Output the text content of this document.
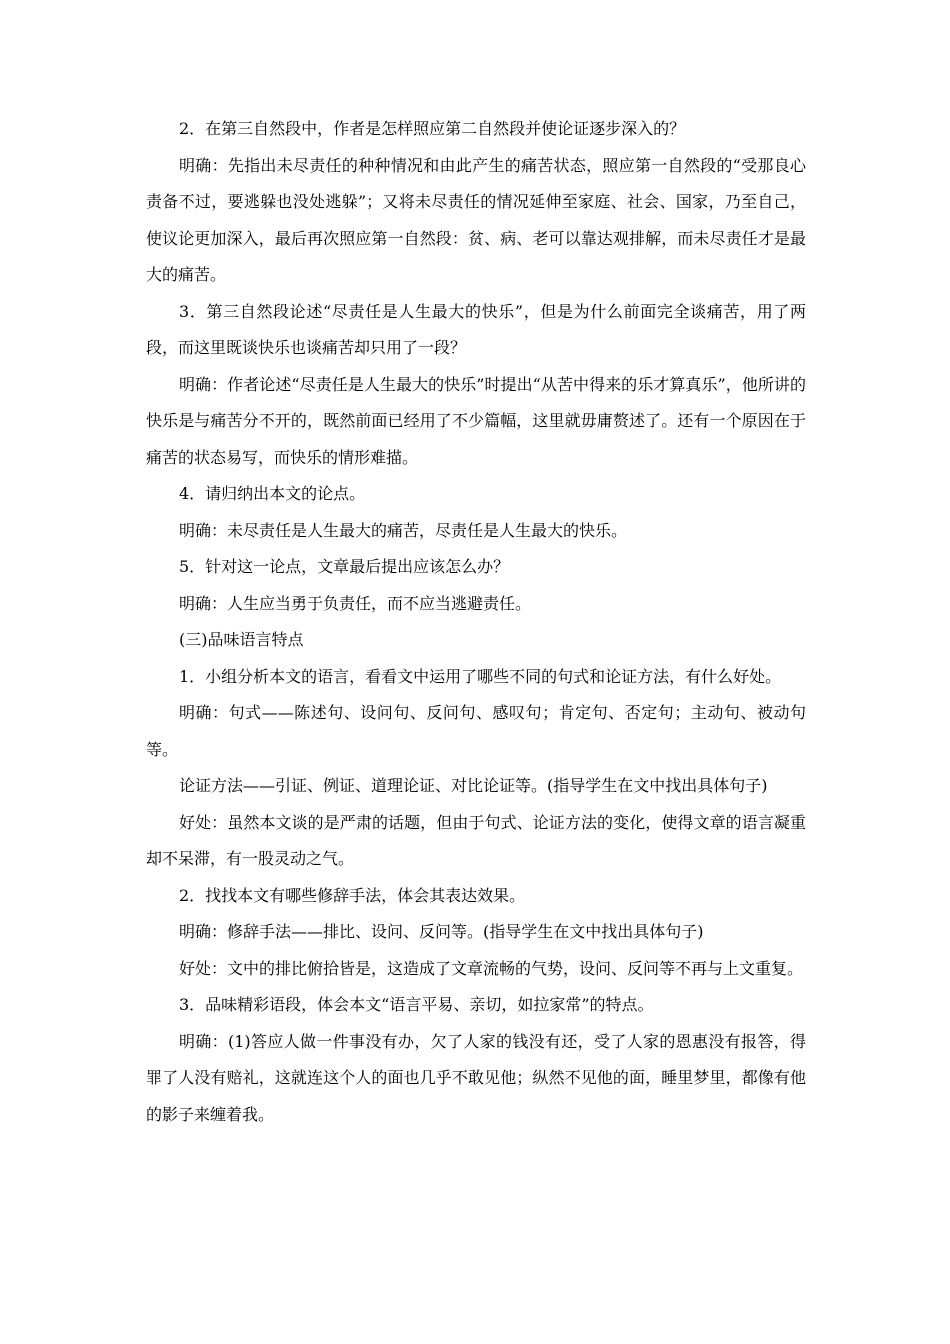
2．在第三自然段中，作者是怎样照应第二自然段并使论证逐步深入的？

明确：先指出未尽责任的种种情况和由此产生的痛苦状态，照应第一自然段的“受那良心责备不过，要逃躲也没处逃躲”；又将未尽责任的情况延伸至家庭、社会、国家，乃至自己，使议论更加深入，最后再次照应第一自然段：贫、病、老可以靠达观排解，而未尽责任才是最大的痛苦。

3．第三自然段论述“尽责任是人生最大的快乐”，但是为什么前面完全谈痛苦，用了两段，而这里既谈快乐也谈痛苦却只用了一段？

明确：作者论述“尽责任是人生最大的快乐”时提出“从苦中得来的乐才算真乐”，他所讲的快乐是与痛苦分不开的，既然前面已经用了不少篇幅，这里就毋庸赘述了。还有一个原因在于痛苦的状态易写，而快乐的情形难描。

4．请归纳出本文的论点。

明确：未尽责任是人生最大的痛苦，尽责任是人生最大的快乐。

5．针对这一论点，文章最后提出应该怎么办？

明确：人生应当勇于负责任，而不应当逃避责任。

(三)品味语言特点

1．小组分析本文的语言，看看文中运用了哪些不同的句式和论证方法，有什么好处。

明确：句式——陈述句、设问句、反问句、感叹句；肯定句、否定句；主动句、被动句等。

论证方法——引证、例证、道理论证、对比论证等。(指导学生在文中找出具体句子)

好处：虽然本文谈的是严肃的话题，但由于句式、论证方法的变化，使得文章的语言凝重却不呆滞，有一股灵动之气。

2．找找本文有哪些修辞手法，体会其表达效果。

明确：修辞手法——排比、设问、反问等。(指导学生在文中找出具体句子)

好处：文中的排比俯拾皆是，这造成了文章流畅的气势，设问、反问等不再与上文重复。

3．品味精彩语段，体会本文“语言平易、亲切，如拉家常”的特点。

明确：(1)答应人做一件事没有办，欠了人家的钱没有还，受了人家的恩惠没有报答，得罪了人没有赔礼，这就连这个人的面也几乎不敢见他；纵然不见他的面，睡里梦里，都像有他的影子来缠着我。
